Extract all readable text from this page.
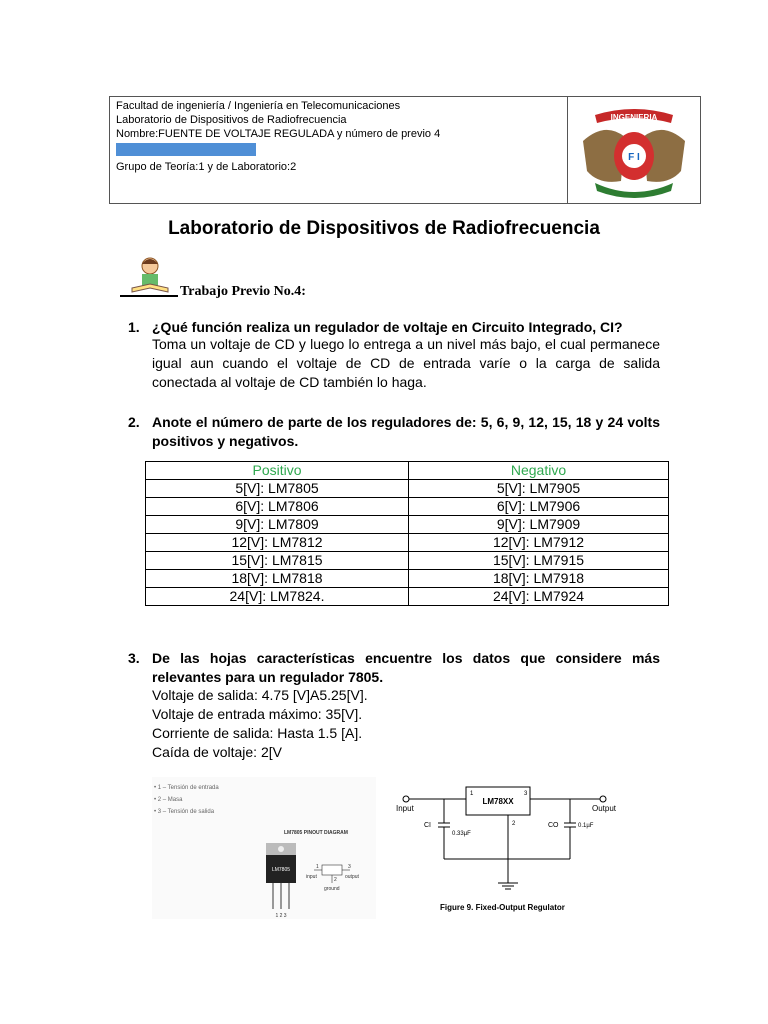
Facultad de ingeniería / Ingeniería en Telecomunicaciones
Laboratorio de Dispositivos de Radiofrecuencia
Nombre:FUENTE DE VOLTAJE REGULADA y número de previo 4
Grupo de Teoría:1 y de Laboratorio:2
INGENIERIA
F I
Laboratorio de Dispositivos de Radiofrecuencia
Trabajo Previo No.4:
1. ¿Qué función realiza un regulador de voltaje en Circuito Integrado, CI?
Toma un voltaje de CD y luego lo entrega a un nivel más bajo, el cual permanece igual aun cuando el voltaje de CD de entrada varíe o la carga de salida conectada al voltaje de CD también lo haga.
2. Anote el número de parte de los reguladores de: 5, 6, 9, 12, 15, 18 y 24 volts positivos y negativos.
Positivo	Negativo
5[V]: LM7805	5[V]: LM7905
6[V]: LM7806	6[V]: LM7906
9[V]: LM7809	9[V]: LM7909
12[V]: LM7812	12[V]: LM7912
15[V]: LM7815	15[V]: LM7915
18[V]: LM7818	18[V]: LM7918
24[V]: LM7824.	24[V]: LM7924
3. De las hojas características encuentre los datos que considere más relevantes para un regulador 7805.
Voltaje de salida: 4.75 [V]A5.25[V].
Voltaje de entrada máximo: 35[V].
Corriente de salida: Hasta 1.5 [A].
Caída de voltaje: 2[V
• 1 – Tensión de entrada
• 2 – Masa
• 3 – Tensión de salida
LM7805 PINOUT DIAGRAM
LM7805
1 2 3
1	3
2
input	output
ground
LM78XX
Input	Output
1	3
2
CI
0.33µF
CO	0.1µF
Figure 9. Fixed-Output Regulator
